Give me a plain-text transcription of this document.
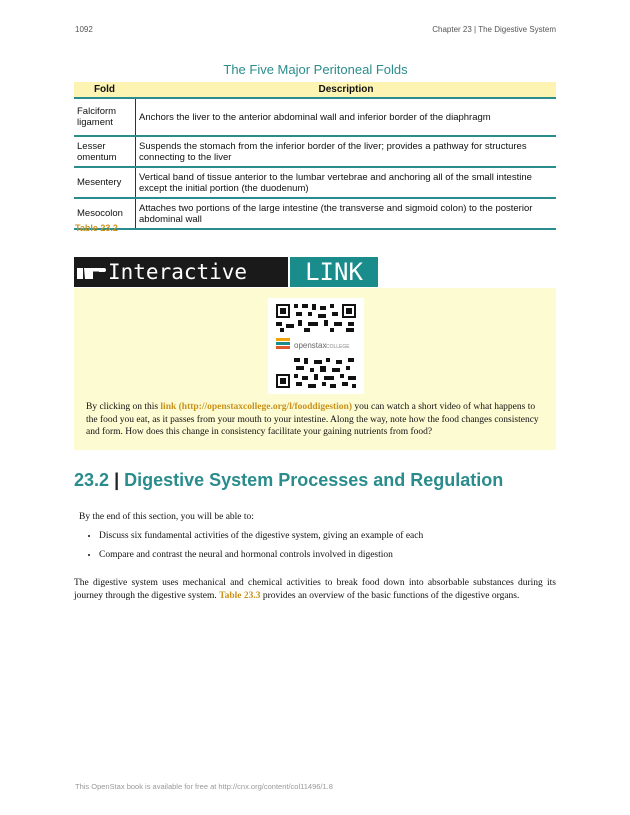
1092	Chapter 23 | The Digestive System
The Five Major Peritoneal Folds
Fold	Description
Falciform ligament	Anchors the liver to the anterior abdominal wall and inferior border of the diaphragm
Lesser omentum	Suspends the stomach from the inferior border of the liver; provides a pathway for structures connecting to the liver
Mesentery	Vertical band of tissue anterior to the lumbar vertebrae and anchoring all of the small intestine except the initial portion (the duodenum)
Mesocolon	Attaches two portions of the large intestine (the transverse and sigmoid colon) to the posterior abdominal wall
Table 23.2
Interactive	LINK
openstax COLLEGE
By clicking on this link (http://openstaxcollege.org/l/fooddigestion) you can watch a short video of what happens to the food you eat, as it passes from your mouth to your intestine. Along the way, note how the food changes consistency and form. How does this change in consistency facilitate your gaining nutrients from food?
23.2 | Digestive System Processes and Regulation
By the end of this section, you will be able to:
• Discuss six fundamental activities of the digestive system, giving an example of each
• Compare and contrast the neural and hormonal controls involved in digestion
The digestive system uses mechanical and chemical activities to break food down into absorbable substances during its journey through the digestive system. Table 23.3 provides an overview of the basic functions of the digestive organs.
This OpenStax book is available for free at http://cnx.org/content/col11496/1.8
